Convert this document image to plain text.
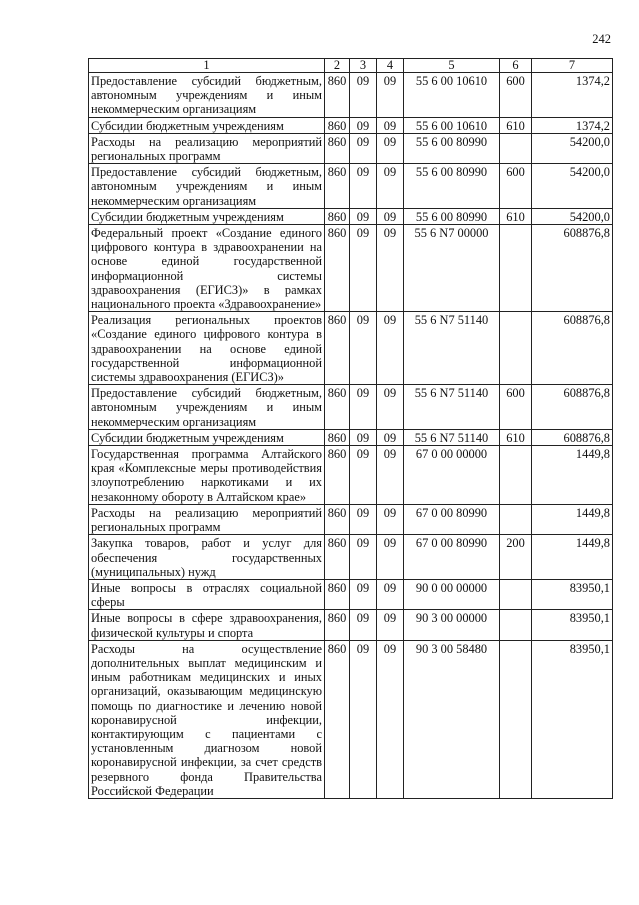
242
1	2	3	4	5	6	7
Предоставление субсидий бюджетным, автономным учреждениям и иным некоммерческим организациям	860	09	09	55 6 00 10610	600	1374,2
Субсидии бюджетным учреждениям	860	09	09	55 6 00 10610	610	1374,2
Расходы на реализацию мероприятий региональных программ	860	09	09	55 6 00 80990		54200,0
Предоставление субсидий бюджетным, автономным учреждениям и иным некоммерческим организациям	860	09	09	55 6 00 80990	600	54200,0
Субсидии бюджетным учреждениям	860	09	09	55 6 00 80990	610	54200,0
Федеральный проект «Создание единого цифрового контура в здравоохранении на основе единой государственной информационной системы здравоохранения (ЕГИСЗ)» в рамках национального проекта «Здравоохранение»	860	09	09	55 6 N7 00000		608876,8
Реализация региональных проектов «Создание единого цифрового контура в здравоохранении на основе единой государственной информационной системы здравоохранения (ЕГИСЗ)»	860	09	09	55 6 N7 51140		608876,8
Предоставление субсидий бюджетным, автономным учреждениям и иным некоммерческим организациям	860	09	09	55 6 N7 51140	600	608876,8
Субсидии бюджетным учреждениям	860	09	09	55 6 N7 51140	610	608876,8
Государственная программа Алтайского края «Комплексные меры противодействия злоупотреблению наркотиками и их незаконному обороту в Алтайском крае»	860	09	09	67 0 00 00000		1449,8
Расходы на реализацию мероприятий региональных программ	860	09	09	67 0 00 80990		1449,8
Закупка товаров, работ и услуг для обеспечения государственных (муниципальных) нужд	860	09	09	67 0 00 80990	200	1449,8
Иные вопросы в отраслях социальной сферы	860	09	09	90 0 00 00000		83950,1
Иные вопросы в сфере здравоохранения, физической культуры и спорта	860	09	09	90 3 00 00000		83950,1
Расходы на осуществление дополнительных выплат медицинским и иным работникам медицинских и иных организаций, оказывающим медицинскую помощь по диагностике и лечению новой коронавирусной инфекции, контактирующим с пациентами с установленным диагнозом новой коронавирусной инфекции, за счет средств резервного фонда Правительства Российской Федерации	860	09	09	90 3 00 58480		83950,1
